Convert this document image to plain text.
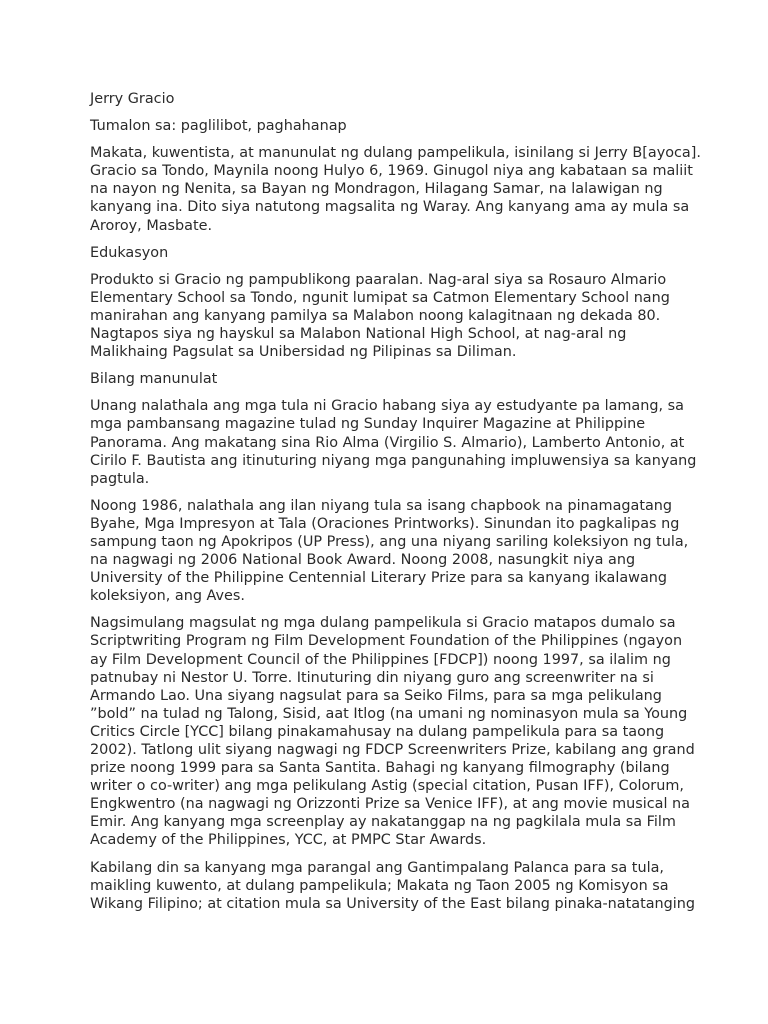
Jerry Gracio
Tumalon sa: paglilibot, paghahanap
Makata, kuwentista, at manunulat ng dulang pampelikula, isinilang si Jerry B[ayoca].
Gracio sa Tondo, Maynila noong Hulyo 6, 1969. Ginugol niya ang kabataan sa maliit
na nayon ng Nenita, sa Bayan ng Mondragon, Hilagang Samar, na lalawigan ng
kanyang ina. Dito siya natutong magsalita ng Waray. Ang kanyang ama ay mula sa
Aroroy, Masbate.
Edukasyon
Produkto si Gracio ng pampublikong paaralan. Nag-aral siya sa Rosauro Almario
Elementary School sa Tondo, ngunit lumipat sa Catmon Elementary School nang
manirahan ang kanyang pamilya sa Malabon noong kalagitnaan ng dekada 80.
Nagtapos siya ng hayskul sa Malabon National High School, at nag-aral ng
Malikhaing Pagsulat sa Unibersidad ng Pilipinas sa Diliman.
Bilang manunulat
Unang nalathala ang mga tula ni Gracio habang siya ay estudyante pa lamang, sa
mga pambansang magazine tulad ng Sunday Inquirer Magazine at Philippine
Panorama. Ang makatang sina Rio Alma (Virgilio S. Almario), Lamberto Antonio, at
Cirilo F. Bautista ang itinuturing niyang mga pangunahing impluwensiya sa kanyang
pagtula.
Noong 1986, nalathala ang ilan niyang tula sa isang chapbook na pinamagatang
Byahe, Mga Impresyon at Tala (Oraciones Printworks). Sinundan ito pagkalipas ng
sampung taon ng Apokripos (UP Press), ang una niyang sariling koleksiyon ng tula,
na nagwagi ng 2006 National Book Award. Noong 2008, nasungkit niya ang
University of the Philippine Centennial Literary Prize para sa kanyang ikalawang
koleksiyon, ang Aves.
Nagsimulang magsulat ng mga dulang pampelikula si Gracio matapos dumalo sa
Scriptwriting Program ng Film Development Foundation of the Philippines (ngayon
ay Film Development Council of the Philippines [FDCP]) noong 1997, sa ilalim ng
patnubay ni Nestor U. Torre. Itinuturing din niyang guro ang screenwriter na si
Armando Lao. Una siyang nagsulat para sa Seiko Films, para sa mga pelikulang
”bold” na tulad ng Talong, Sisid, aat Itlog (na umani ng nominasyon mula sa Young
Critics Circle [YCC] bilang pinakamahusay na dulang pampelikula para sa taong
2002). Tatlong ulit siyang nagwagi ng FDCP Screenwriters Prize, kabilang ang grand
prize noong 1999 para sa Santa Santita. Bahagi ng kanyang filmography (bilang
writer o co-writer) ang mga pelikulang Astig (special citation, Pusan IFF), Colorum,
Engkwentro (na nagwagi ng Orizzonti Prize sa Venice IFF), at ang movie musical na
Emir. Ang kanyang mga screenplay ay nakatanggap na ng pagkilala mula sa Film
Academy of the Philippines, YCC, at PMPC Star Awards.
Kabilang din sa kanyang mga parangal ang Gantimpalang Palanca para sa tula,
maikling kuwento, at dulang pampelikula; Makata ng Taon 2005 ng Komisyon sa
Wikang Filipino; at citation mula sa University of the East bilang pinaka-natatanging
